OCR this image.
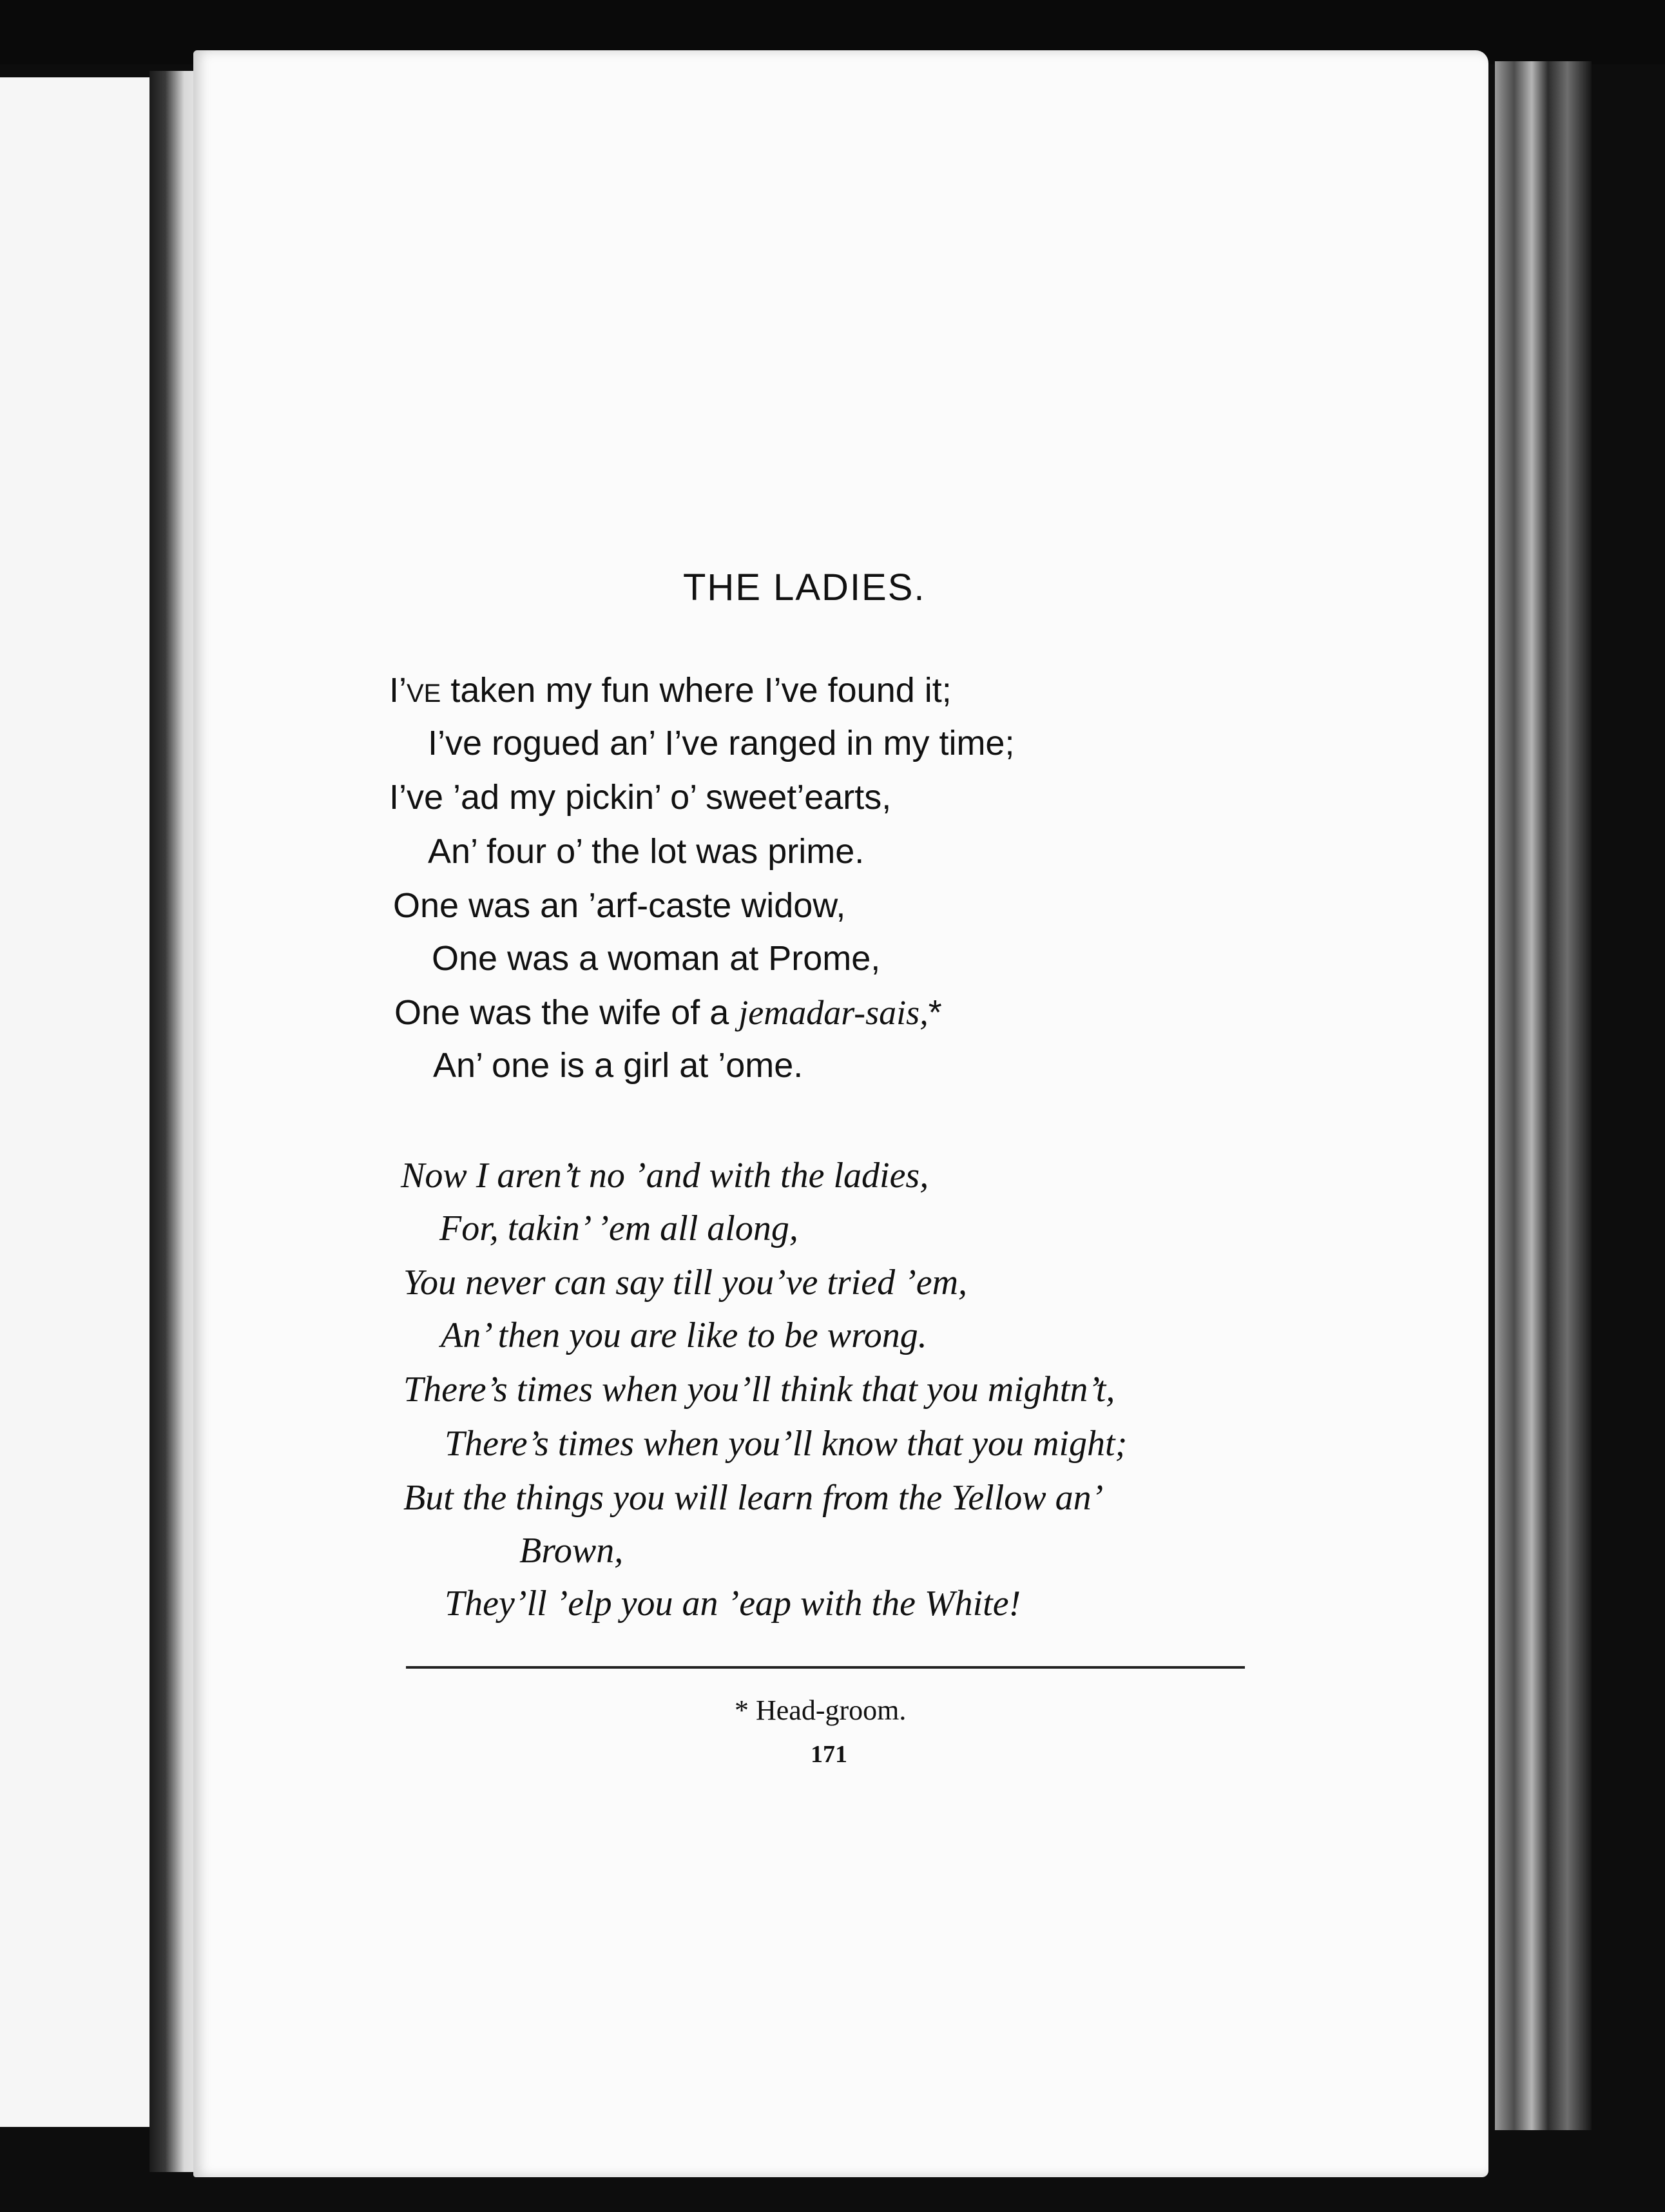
THE LADIES.
I’VE taken my fun where I’ve found it;
I’ve rogued an’ I’ve ranged in my time;
I’ve ’ad my pickin’ o’ sweet’earts,
An’ four o’ the lot was prime.
One was an ’arf-caste widow,
One was a woman at Prome,
One was the wife of a jemadar-sais,*
An’ one is a girl at ’ome.
Now I aren’t no ’and with the ladies,
For, takin’ ’em all along,
You never can say till you’ve tried ’em,
An’ then you are like to be wrong.
There’s times when you’ll think that you mightn’t,
There’s times when you’ll know that you might;
But the things you will learn from the Yellow an’
Brown,
They’ll ’elp you an ’eap with the White!
* Head-groom.
171
